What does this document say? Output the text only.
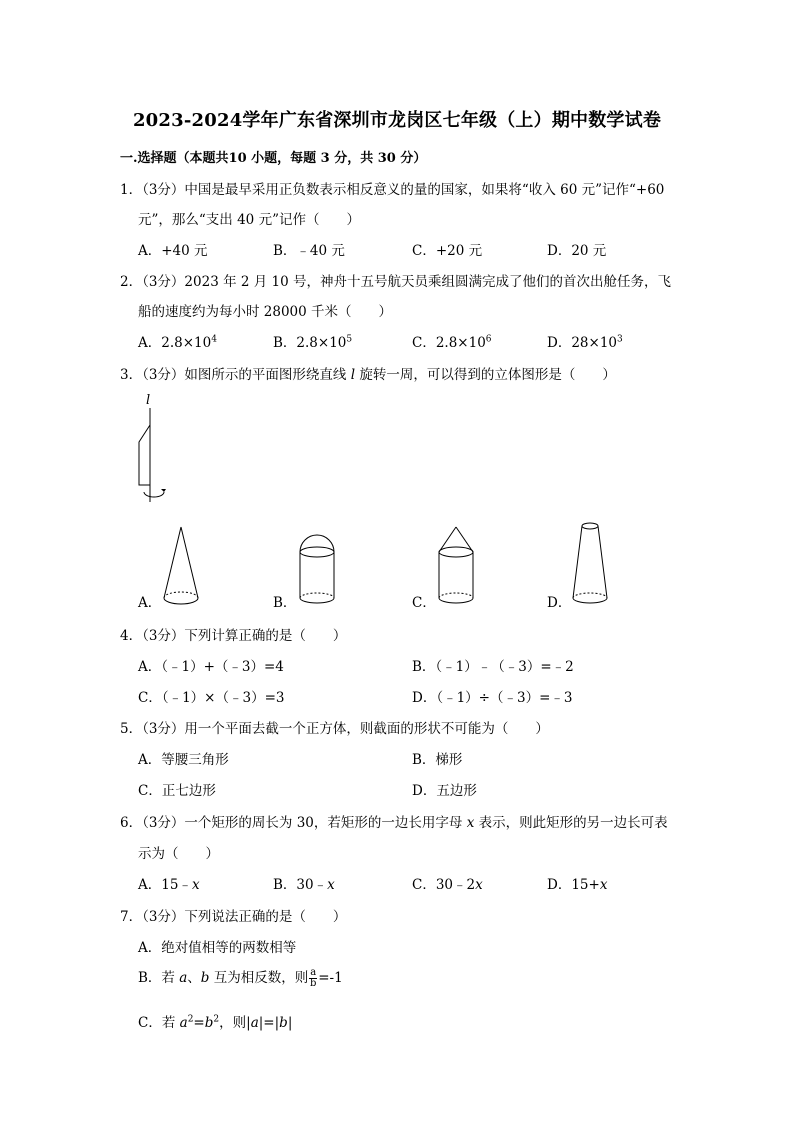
2023-2024学年广东省深圳市龙岗区七年级（上）期中数学试卷
一.选择题（本题共10 小题，每题 3 分，共 30 分）
1．（3分）中国是最早采用正负数表示相反意义的量的国家，如果将“收入 60 元”记作“+60
元”，那么“支出 40 元”记作（　　）
A．+40 元	B．﹣40 元	C．+20 元	D．20 元
2．（3分）2023 年 2 月 10 号，神舟十五号航天员乘组圆满完成了他们的首次出舱任务，飞
船的速度约为每小时 28000 千米（　　）
A．$2.8\times 10^4$	B．$2.8\times 10^5$	C．$2.8\times 10^6$	D．$28\times 10^3$
3．（3分）如图所示的平面图形绕直线 l 旋转一周，可以得到的立体图形是（　　）
l
A．	B．	C．	D．
4．（3分）下列计算正确的是（　　）
A．（﹣1）+（﹣3）=4	B．（﹣1）﹣（﹣3）=﹣2
C．（﹣1）×（﹣3）=3	D．（﹣1）÷（﹣3）=﹣3
5．（3分）用一个平面去截一个正方体，则截面的形状不可能为（　　）
A．等腰三角形	B．梯形
C．正七边形	D．五边形
6．（3分）一个矩形的周长为 30，若矩形的一边长用字母 x 表示，则此矩形的另一边长可表
示为（　　）
A．15﹣x	B．30﹣x	C．30﹣2x	D．15+x
7．（3分）下列说法正确的是（　　）
A．绝对值相等的两数相等
B．若 a、b 互为相反数，则 $\frac{a}{b} =-1$
C．若 $a^2=b^2$，则|a|=|b|
